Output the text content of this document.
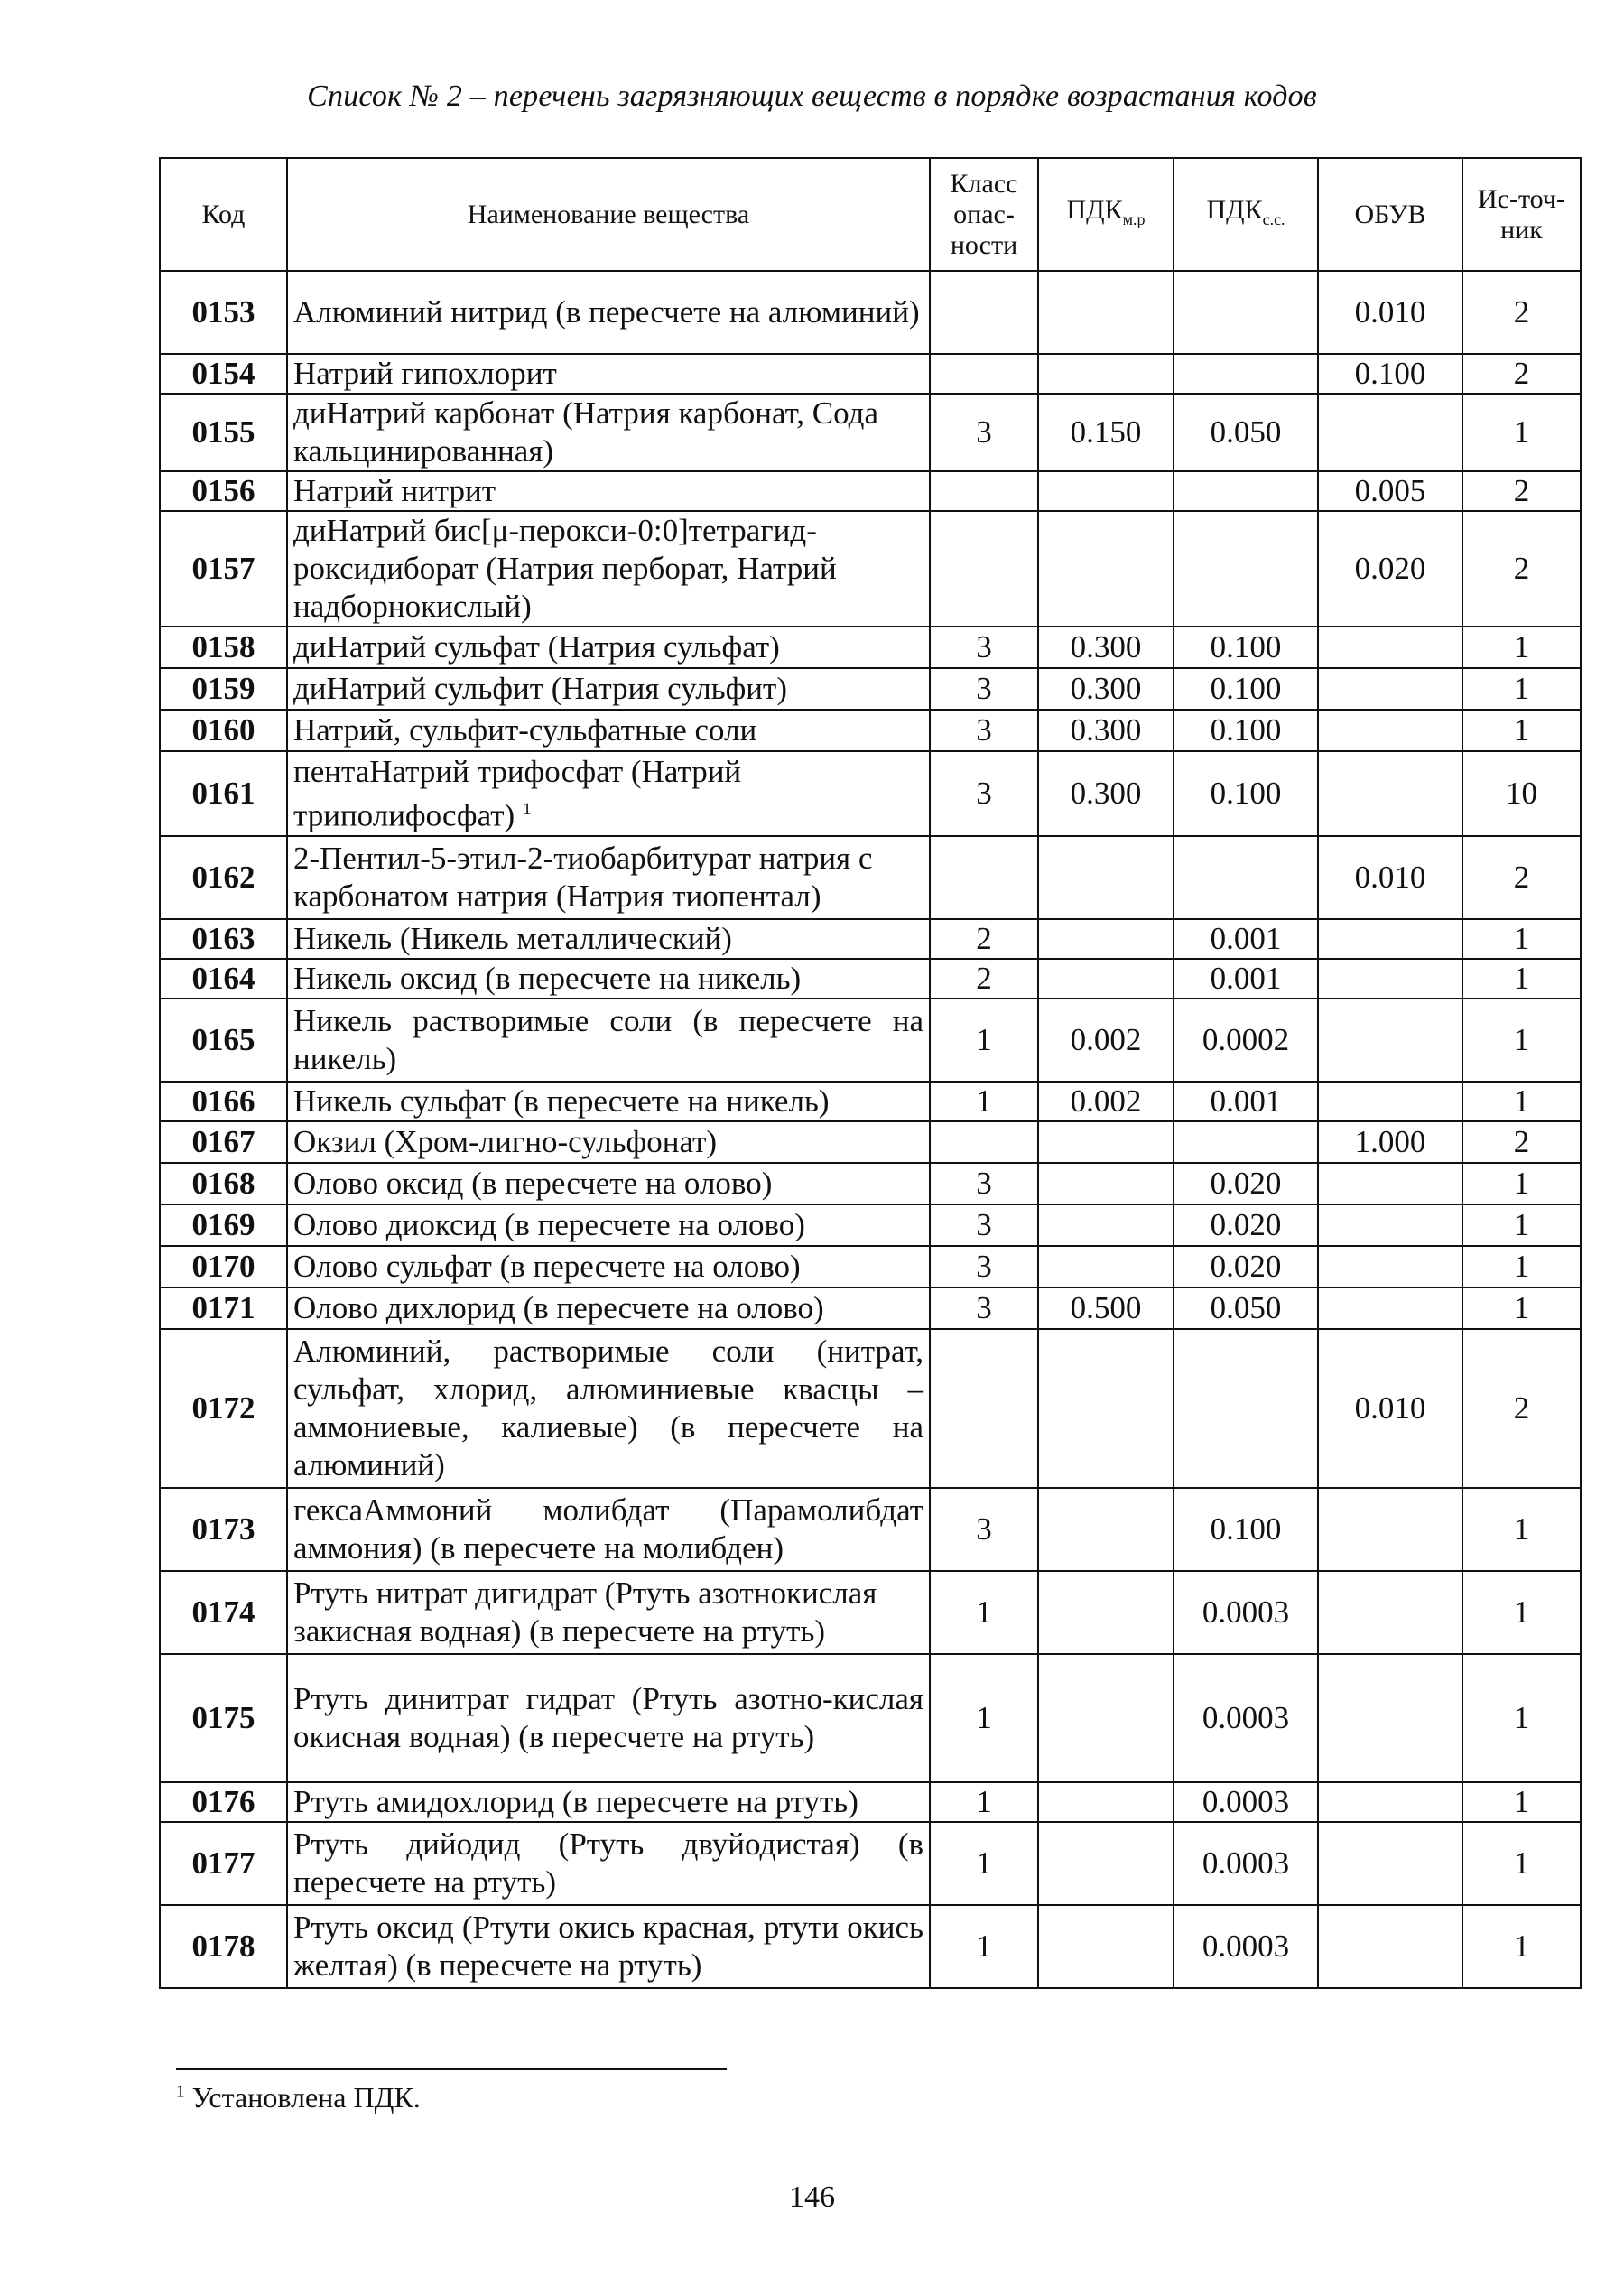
Список № 2 – перечень загрязняющих веществ в порядке возрастания кодов
Код	Наименование вещества	Класс опас-ности	$ПДК_{м.р}$	$ПДК_{с.с.}$	ОБУВ	Ис-точ-ник
0153	Алюминий нитрид (в пересчете на алюминий)				0.010	2
0154	Натрий гипохлорит				0.100	2
0155	диНатрий карбонат (Натрия карбонат, Сода кальцинированная)	3	0.150	0.050		1
0156	Натрий нитрит				0.005	2
0157	диНатрий бис[μ-перокси-0:0]тетрагид-роксидиборат (Натрия перборат, Натрий надборнокислый)				0.020	2
0158	диНатрий сульфат (Натрия сульфат)	3	0.300	0.100		1
0159	диНатрий сульфит (Натрия сульфит)	3	0.300	0.100		1
0160	Натрий, сульфит-сульфатные соли	3	0.300	0.100		1
0161	пентаНатрий трифосфат (Натрий триполифосфат) $^1$	3	0.300	0.100		10
0162	2-Пентил-5-этил-2-тиобарбитурат натрия с карбонатом натрия (Натрия тиопентал)				0.010	2
0163	Никель (Никель металлический)	2		0.001		1
0164	Никель оксид (в пересчете на никель)	2		0.001		1
0165	Никель растворимые соли (в пересчете на никель)	1	0.002	0.0002		1
0166	Никель сульфат (в пересчете на никель)	1	0.002	0.001		1
0167	Окзил (Хром-лигно-сульфонат)				1.000	2
0168	Олово оксид (в пересчете на олово)	3		0.020		1
0169	Олово диоксид (в пересчете на олово)	3		0.020		1
0170	Олово сульфат (в пересчете на олово)	3		0.020		1
0171	Олово дихлорид (в пересчете на олово)	3	0.500	0.050		1
0172	Алюминий, растворимые соли (нитрат, сульфат, хлорид, алюминиевые квасцы – аммониевые, калиевые) (в пересчете на алюминий)				0.010	2
0173	гексаАммоний молибдат (Парамолибдат аммония) (в пересчете на молибден)	3		0.100		1
0174	Ртуть нитрат дигидрат (Ртуть азотнокислая закисная водная) (в пересчете на ртуть)	1		0.0003		1
0175	Ртуть динитрат гидрат (Ртуть азотно-кислая окисная водная) (в пересчете на ртуть)	1		0.0003		1
0176	Ртуть амидохлорид (в пересчете на ртуть)	1		0.0003		1
0177	Ртуть дийодид (Ртуть двуйодистая) (в пересчете на ртуть)	1		0.0003		1
0178	Ртуть оксид (Ртути окись красная, ртути окись желтая) (в пересчете на ртуть)	1		0.0003		1
$^1$ Установлена ПДК.
146
